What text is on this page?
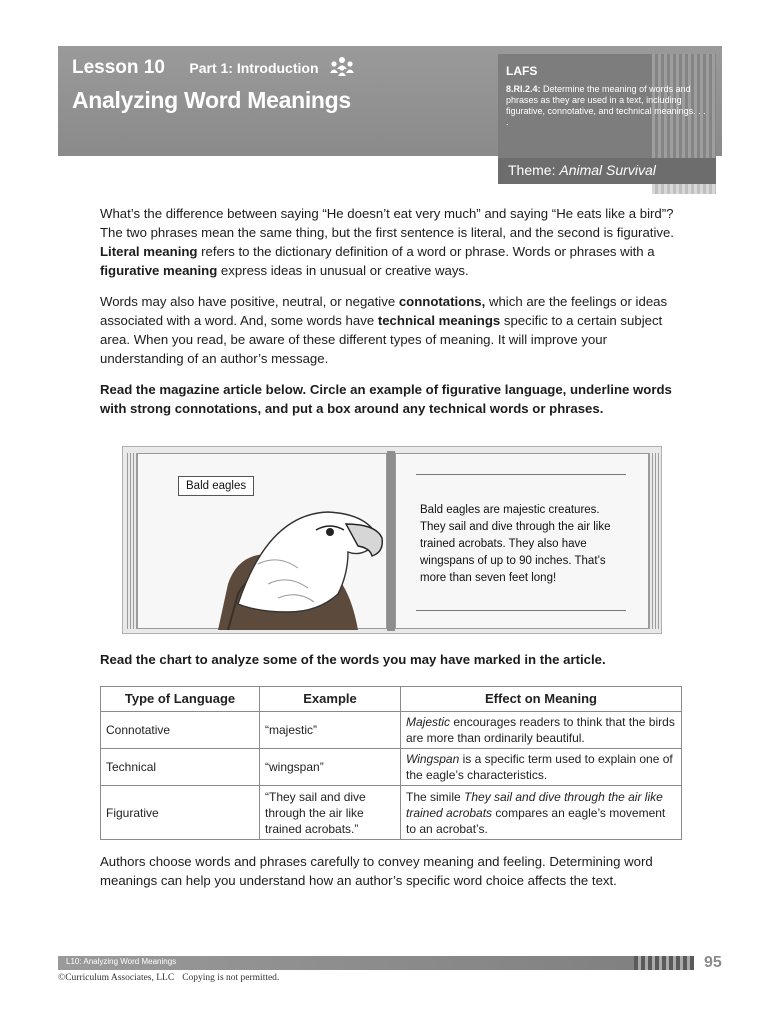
Lesson 10 Part 1: Introduction
Analyzing Word Meanings
LAFS
8.RI.2.4: Determine the meaning of words and phrases as they are used in a text, including figurative, connotative, and technical meanings. . . .
Theme: Animal Survival

What’s the difference between saying “He doesn’t eat very much” and saying “He eats like a bird”? The two phrases mean the same thing, but the first sentence is literal, and the second is figurative. Literal meaning refers to the dictionary definition of a word or phrase. Words or phrases with a figurative meaning express ideas in unusual or creative ways.

Words may also have positive, neutral, or negative connotations, which are the feelings or ideas associated with a word. And, some words have technical meanings specific to a certain subject area. When you read, be aware of these different types of meaning. It will improve your understanding of an author’s message.

Read the magazine article below. Circle an example of figurative language, underline words with strong connotations, and put a box around any technical words or phrases.

Bald eagles
Bald eagles are majestic creatures. They sail and dive through the air like trained acrobats. They also have wingspans of up to 90 inches. That’s more than seven feet long!
Read the chart to analyze some of the words you may have marked in the article.
Type of Language	Example	Effect on Meaning
Connotative	“majestic”	Majestic encourages readers to think that the birds are more than ordinarily beautiful.
Technical	“wingspan”	Wingspan is a specific term used to explain one of the eagle’s characteristics.
Figurative	“They sail and dive through the air like trained acrobats.”	The simile They sail and dive through the air like trained acrobats compares an eagle’s movement to an acrobat’s.
Authors choose words and phrases carefully to convey meaning and feeling. Determining word meanings can help you understand how an author’s specific word choice affects the text.
L10: Analyzing Word Meanings	95
©Curriculum Associates, LLC Copying is not permitted.
